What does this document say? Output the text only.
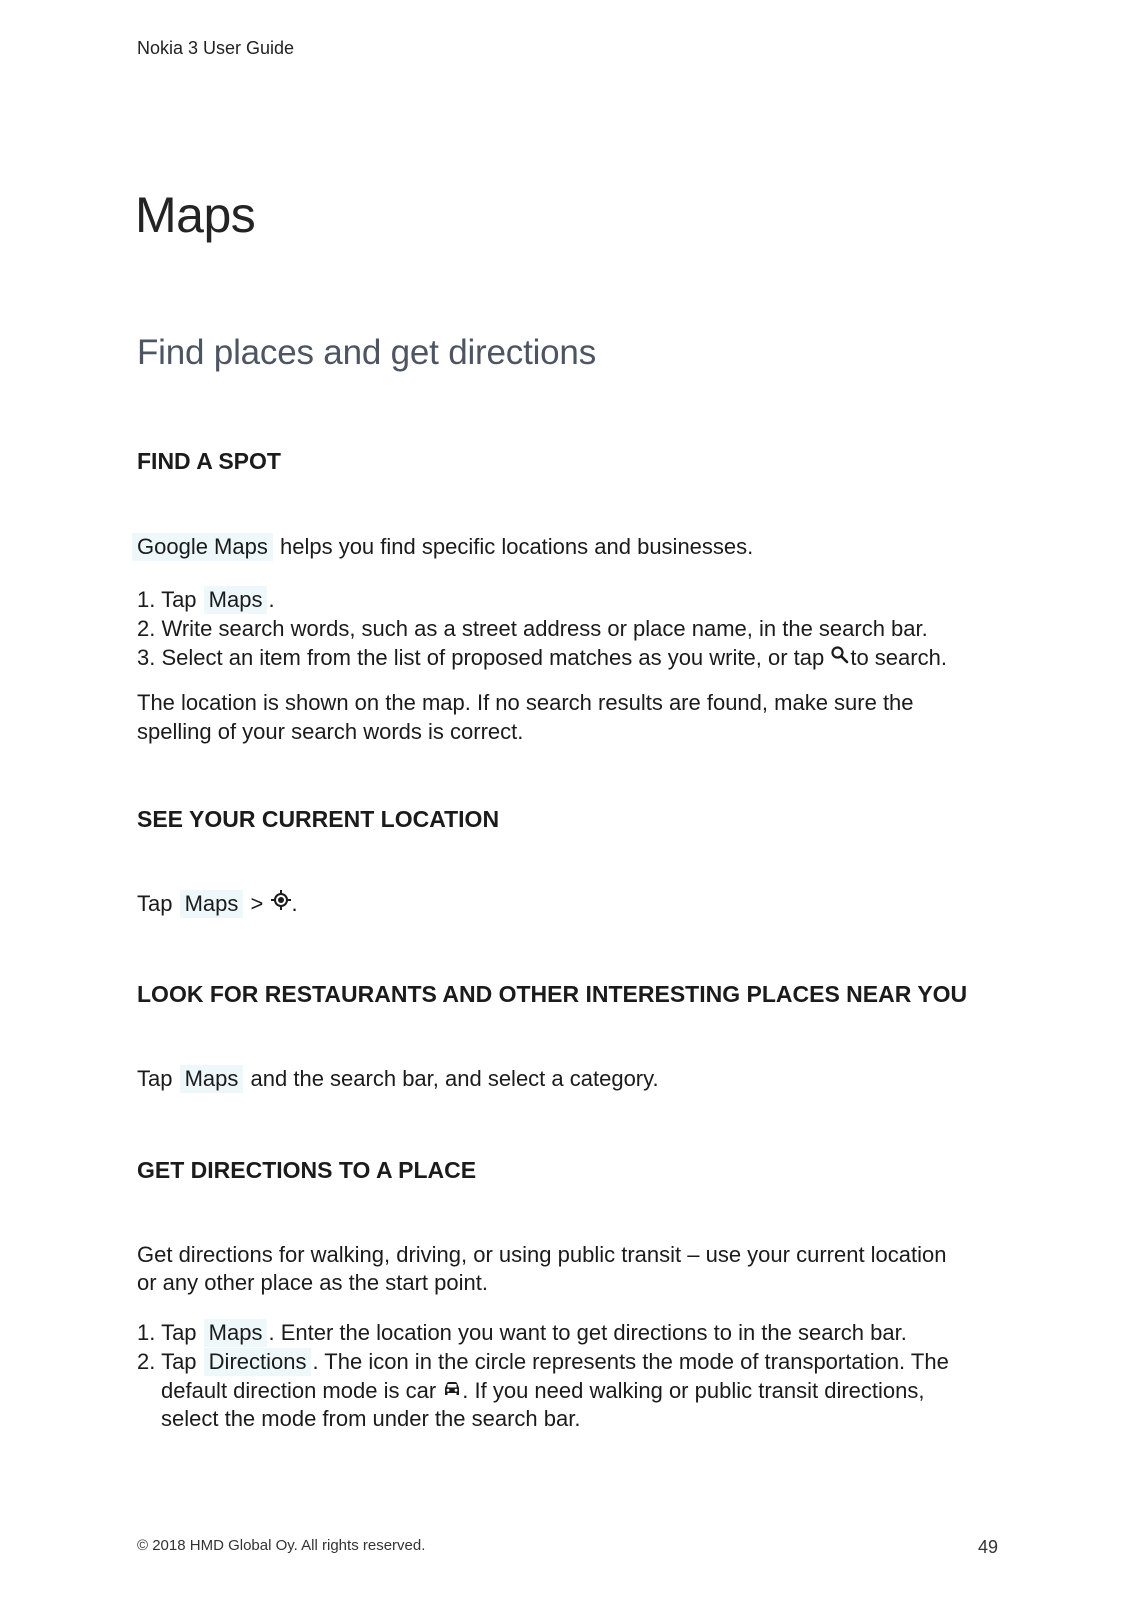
Nokia 3 User Guide
Maps
Find places and get directions
FIND A SPOT
Google Maps helps you find specific locations and businesses.
1. Tap Maps .
2. Write search words, such as a street address or place name, in the search bar.
3. Select an item from the list of proposed matches as you write, or tap to search.
The location is shown on the map. If no search results are found, make sure the
spelling of your search words is correct.
SEE YOUR CURRENT LOCATION
Tap Maps > .
LOOK FOR RESTAURANTS AND OTHER INTERESTING PLACES NEAR YOU
Tap Maps and the search bar, and select a category.
GET DIRECTIONS TO A PLACE
Get directions for walking, driving, or using public transit – use your current location
or any other place as the start point.
1. Tap Maps . Enter the location you want to get directions to in the search bar.
2. Tap Directions . The icon in the circle represents the mode of transportation. The
default direction mode is car . If you need walking or public transit directions,
select the mode from under the search bar.
© 2018 HMD Global Oy. All rights reserved.	49
